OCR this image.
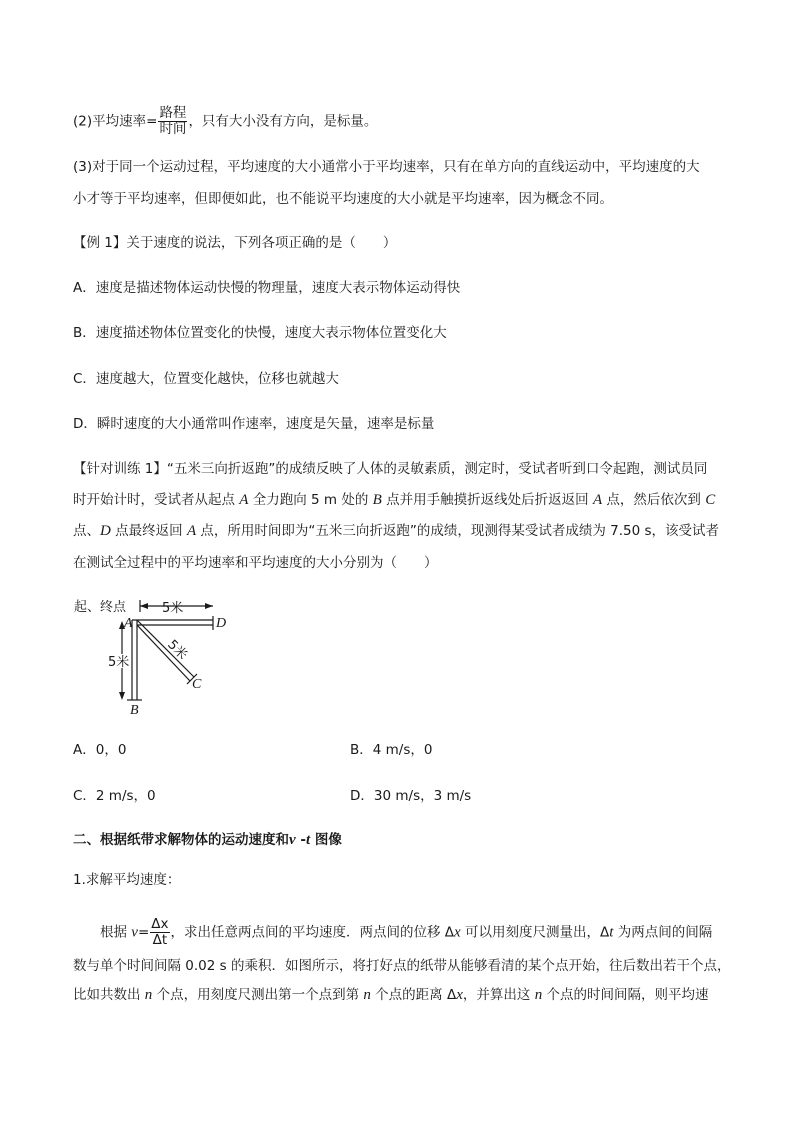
(2)平均速率= $\frac{\text{路程}}{\text{时间}}$ ，只有大小没有方向，是标量。
(3)对于同一个运动过程，平均速度的大小通常小于平均速率，只有在单方向的直线运动中，平均速度的大
小才等于平均速率，但即便如此，也不能说平均速度的大小就是平均速率，因为概念不同。
【例 1】关于速度的说法，下列各项正确的是（　　）
A．速度是描述物体运动快慢的物理量，速度大表示物体运动得快
B．速度描述物体位置变化的快慢，速度大表示物体位置变化大
C．速度越大，位置变化越快，位移也就越大
D．瞬时速度的大小通常叫作速率，速度是矢量，速率是标量
【针对训练 1】“五米三向折返跑”的成绩反映了人体的灵敏素质，测定时，受试者听到口令起跑，测试员同
时开始计时，受试者从起点 A 全力跑向 5 m 处的 B 点并用手触摸折返线处后折返返回 A 点，然后依次到 C
点、D 点最终返回 A 点，所用时间即为“五米三向折返跑”的成绩，现测得某受试者成绩为 7.50 s，该受试者
在测试全过程中的平均速率和平均速度的大小分别为（　　）
起、终点	5米
5米	5米
A	D
C
B
A．0，0	B．4 m/s，0
C．2 m/s，0	D．30 m/s，3 m/s
二、根据纸带求解物体的运动速度和v -t 图像
1.求解平均速度：
根据 $v= \frac{\Delta x}{\Delta t}$ ，求出任意两点间的平均速度．两点间的位移 Δx 可以用刻度尺测量出，Δt 为两点间的间隔
数与单个时间间隔 0.02 s 的乘积．如图所示，将打好点的纸带从能够看清的某个点开始，往后数出若干个点，
比如共数出 n 个点，用刻度尺测出第一个点到第 n 个点的距离 Δx，并算出这 n 个点的时间间隔，则平均速
